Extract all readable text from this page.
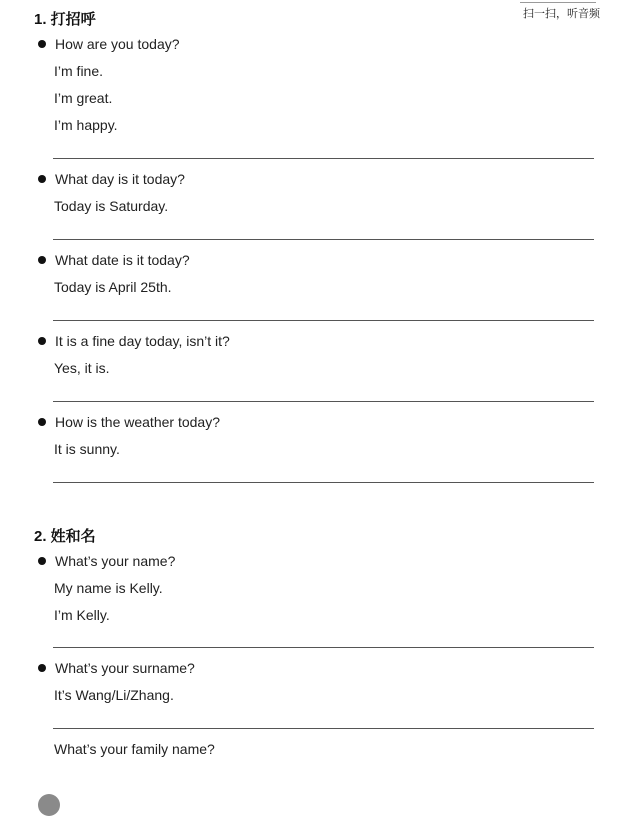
扫一扫，听音频
1. 打招呼
How are you today?
I’m fine.
I’m great.
I’m happy.
What day is it today?
Today is Saturday.
What date is it today?
Today is April 25th.
It is a fine day today, isn’t it?
Yes, it is.
How is the weather today?
It is sunny.
2. 姓和名
What’s your name?
My name is Kelly.
I’m Kelly.
What’s your surname?
It’s Wang/Li/Zhang.
What’s your family name?
